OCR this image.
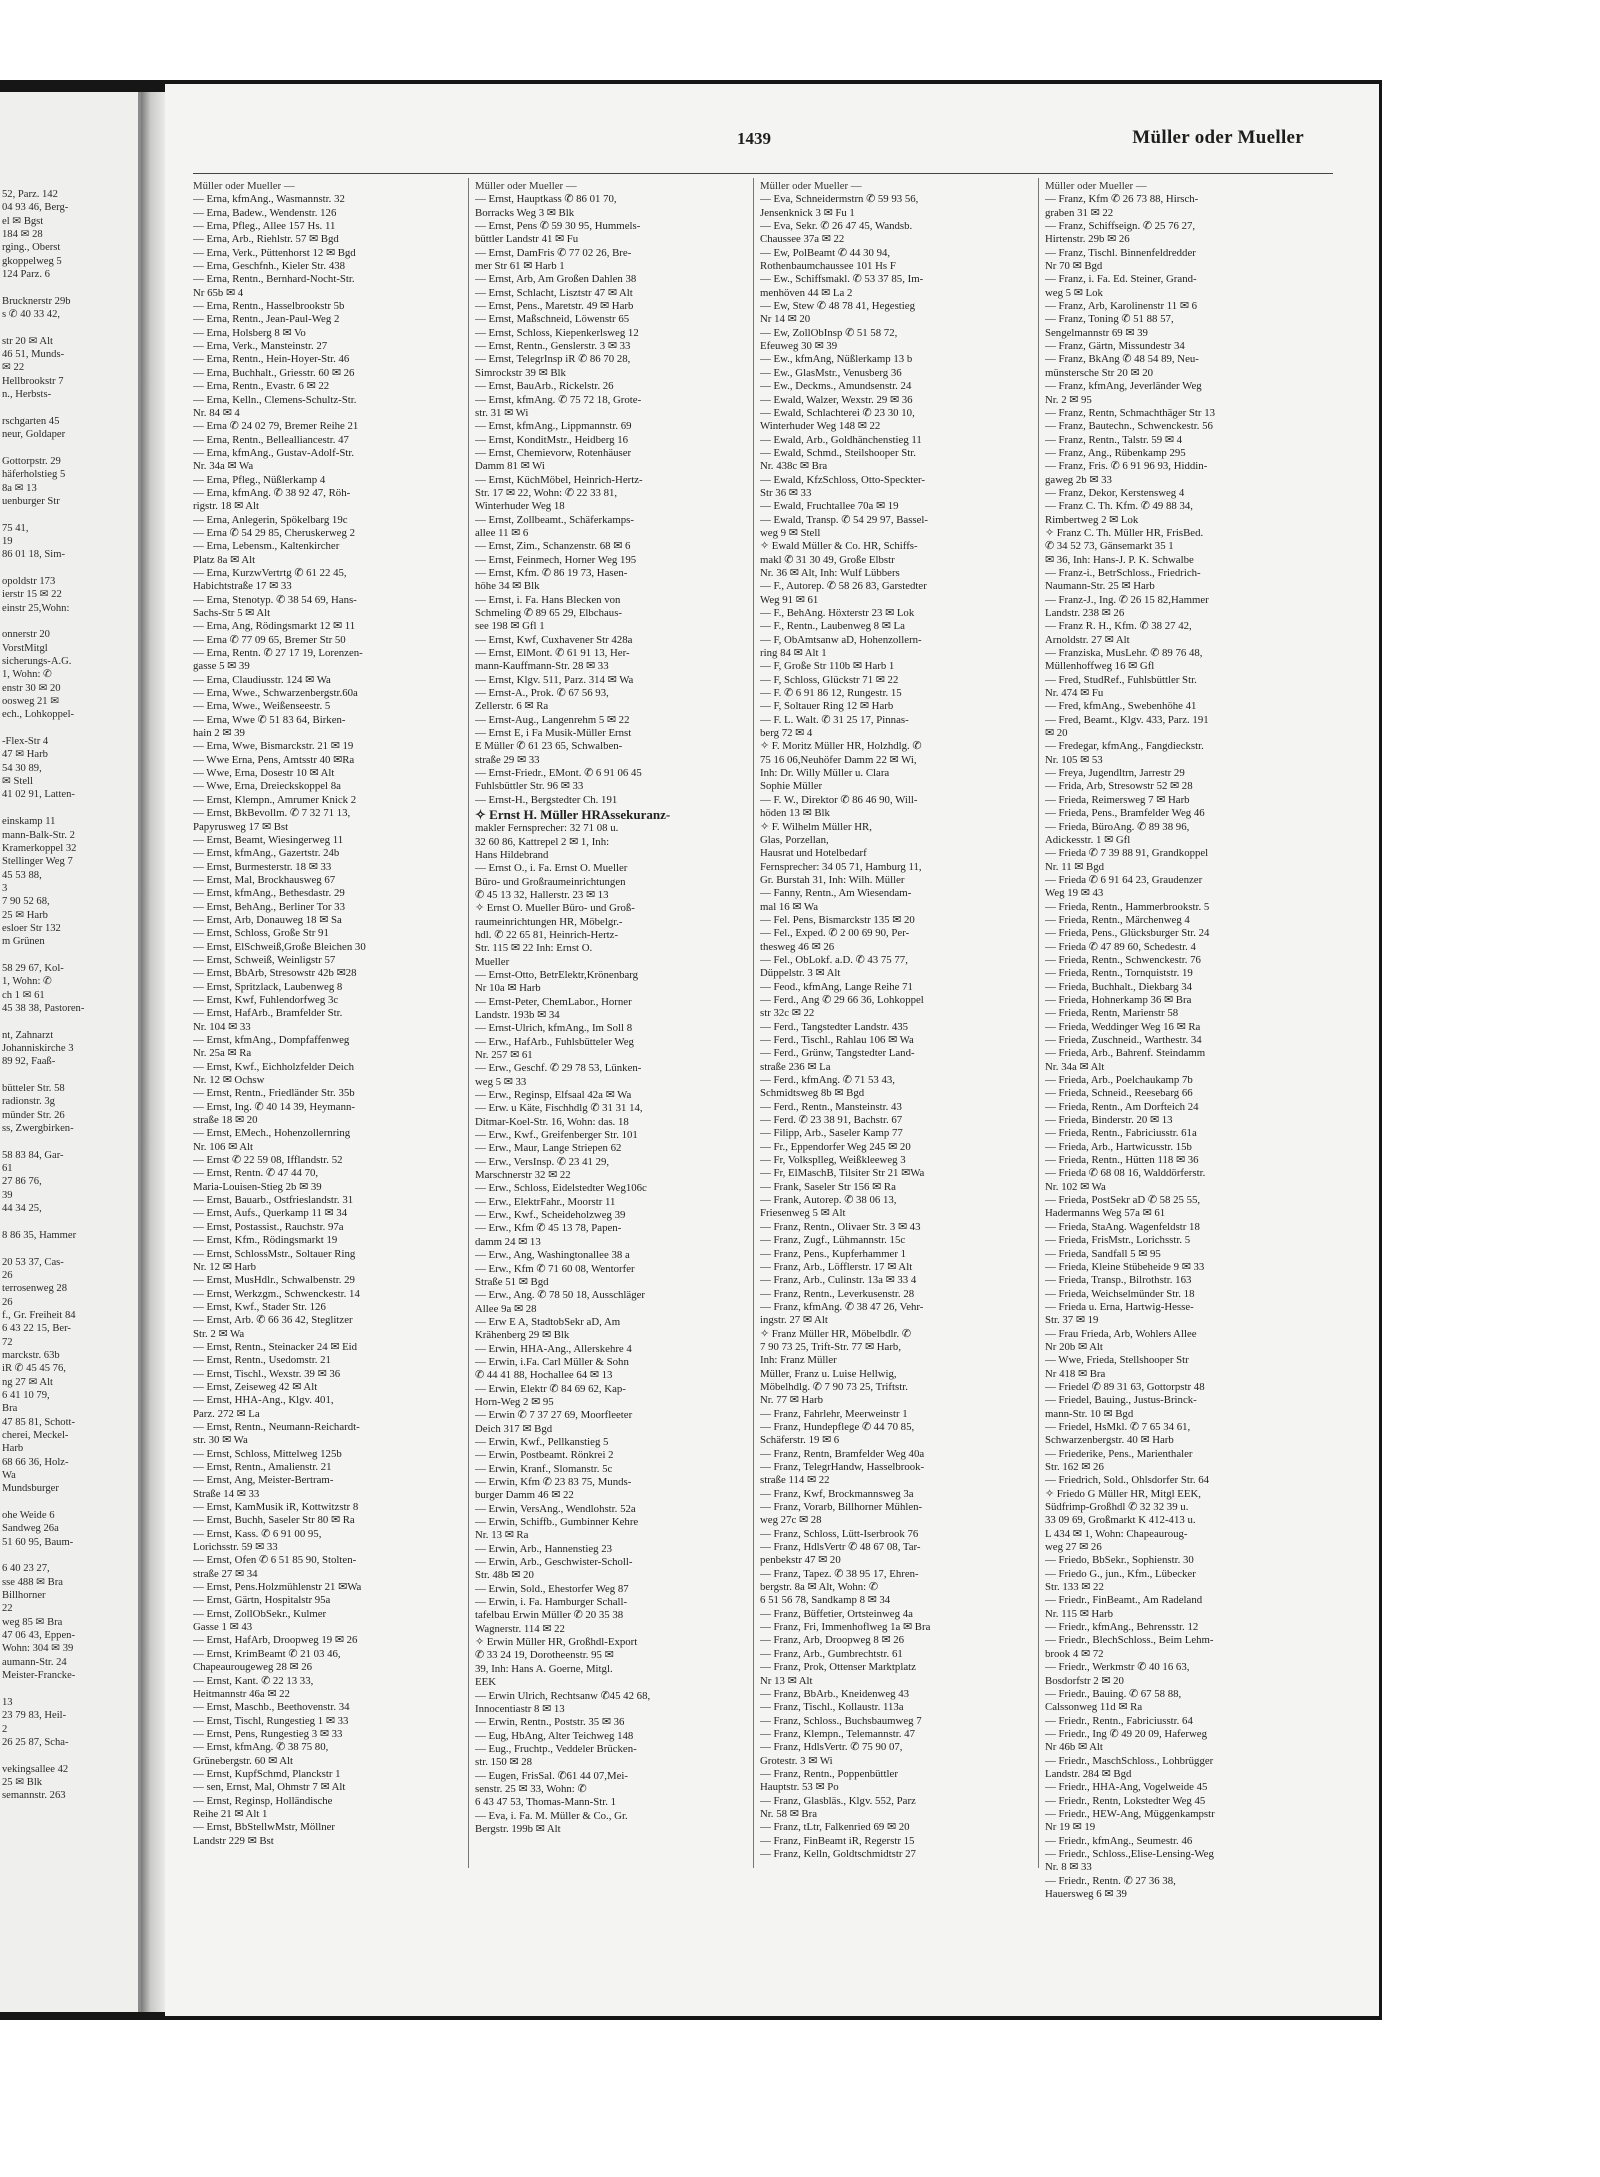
52, Parz. 142
04 93 46, Berg-
el ✉ Bgst
184 ✉ 28
rging., Oberst
gkoppelweg 5
124 Parz. 6

Brucknerstr 29b
s ✆ 40 33 42,

str 20 ✉ Alt
46 51, Munds-
✉ 22
Hellbrookstr 7
n., Herbsts-

rschgarten 45
neur, Goldaper

Gottorpstr. 29
häferholstieg 5
8a ✉ 13
uenburger Str

75 41,
19
86 01 18, Sim-

opoldstr 173
ierstr 15 ✉ 22
einstr 25,Wohn:

onnerstr 20
VorstMitgl
sicherungs-A.G.
1, Wohn: ✆
enstr 30 ✉ 20
oosweg 21 ✉
ech., Lohkoppel-

-Flex-Str 4
47 ✉ Harb
54 30 89,
✉ Stell
41 02 91, Latten-

einskamp 11
mann-Balk-Str. 2
Kramerkoppel 32
Stellinger Weg 7
45 53 88,
3
7 90 52 68,
25 ✉ Harb
esloer Str 132
m Grünen

58 29 67, Kol-
1, Wohn: ✆
ch 1 ✉ 61
45 38 38, Pastoren-

nt, Zahnarzt
Johanniskirche 3
89 92, Faaß-

bütteler Str. 58
radionstr. 3g
münder Str. 26
ss, Zwergbirken-

58 83 84, Gar-
61
27 86 76,
39
44 34 25,

8 86 35, Hammer

20 53 37, Cas-
26
terrosenweg 28
26
f., Gr. Freiheit 84
6 43 22 15, Ber-
72
marckstr. 63b
iR ✆ 45 45 76,
ng 27 ✉ Alt
6 41 10 79,
Bra
47 85 81, Schott-
cherei, Meckel-
Harb
68 66 36, Holz-
Wa
Mundsburger

ohe Weide 6
Sandweg 26a
51 60 95, Baum-

6 40 23 27,
sse 488 ✉ Bra
Billhorner
22
weg 85 ✉ Bra
47 06 43, Eppen-
Wohn: 304 ✉ 39
aumann-Str. 24
Meister-Francke-

13
23 79 83, Heil-
2
26 25 87, Scha-

vekingsallee 42
25 ✉ Blk
semannstr. 263
1439	Müller oder Mueller
Müller oder Mueller —
— Erna, kfmAng., Wasmannstr. 32
— Erna, Badew., Wendenstr. 126
— Erna, Pfleg., Allee 157 Hs. 11
— Erna, Arb., Riehlstr. 57 ✉ Bgd
— Erna, Verk., Püttenhorst 12 ✉ Bgd
— Erna, Geschfnh., Kieler Str. 438
— Erna, Rentn., Bernhard-Nocht-Str.
Nr 65b ✉ 4
— Erna, Rentn., Hasselbrookstr 5b
— Erna, Rentn., Jean-Paul-Weg 2
— Erna, Holsberg 8 ✉ Vo
— Erna, Verk., Mansteinstr. 27
— Erna, Rentn., Hein-Hoyer-Str. 46
— Erna, Buchhalt., Griesstr. 60 ✉ 26
— Erna, Rentn., Evastr. 6 ✉ 22
— Erna, Kelln., Clemens-Schultz-Str.
Nr. 84 ✉ 4
— Erna ✆ 24 02 79, Bremer Reihe 21
— Erna, Rentn., Bellealliancestr. 47
— Erna, kfmAng., Gustav-Adolf-Str.
Nr. 34a ✉ Wa
— Erna, Pfleg., Nüßlerkamp 4
— Erna, kfmAng. ✆ 38 92 47, Röh-
rigstr. 18 ✉ Alt
— Erna, Anlegerin, Spökelbarg 19c
— Erna ✆ 54 29 85, Cheruskerweg 2
— Erna, Lebensm., Kaltenkircher
Platz 8a ✉ Alt
— Erna, KurzwVertrtg ✆ 61 22 45,
Habichtstraße 17 ✉ 33
— Erna, Stenotyp. ✆ 38 54 69, Hans-
Sachs-Str 5 ✉ Alt
— Erna, Ang, Rödingsmarkt 12 ✉ 11
— Erna ✆ 77 09 65, Bremer Str 50
— Erna, Rentn. ✆ 27 17 19, Lorenzen-
gasse 5 ✉ 39
— Erna, Claudiusstr. 124 ✉ Wa
— Erna, Wwe., Schwarzenbergstr.60a
— Erna, Wwe., Weißenseestr. 5
— Erna, Wwe ✆ 51 83 64, Birken-
hain 2 ✉ 39
— Erna, Wwe, Bismarckstr. 21 ✉ 19
— Wwe Erna, Pens, Amtsstr 40 ✉Ra
— Wwe, Erna, Dosestr 10 ✉ Alt
— Wwe, Erna, Dreieckskoppel 8a
— Ernst, Klempn., Amrumer Knick 2
— Ernst, BkBevollm. ✆ 7 32 71 13,
Papyrusweg 17 ✉ Bst
— Ernst, Beamt, Wiesingerweg 11
— Ernst, kfmAng., Gazertstr. 24b
— Ernst, Burmesterstr. 18 ✉ 33
— Ernst, Mal, Brockhausweg 67
— Ernst, kfmAng., Bethesdastr. 29
— Ernst, BehAng., Berliner Tor 33
— Ernst, Arb, Donauweg 18 ✉ Sa
— Ernst, Schloss, Große Str 91
— Ernst, ElSchweiß,Große Bleichen 30
— Ernst, Schweiß, Weinligstr 57
— Ernst, BbArb, Stresowstr 42b ✉28
— Ernst, Spritzlack, Laubenweg 8
— Ernst, Kwf, Fuhlendorfweg 3c
— Ernst, HafArb., Bramfelder Str.
Nr. 104 ✉ 33
— Ernst, kfmAng., Dompfaffenweg
Nr. 25a ✉ Ra
— Ernst, Kwf., Eichholzfelder Deich
Nr. 12 ✉ Ochsw
— Ernst, Rentn., Friedländer Str. 35b
— Ernst, Ing. ✆ 40 14 39, Heymann-
straße 18 ✉ 20
— Ernst, EMech., Hohenzollernring
Nr. 106 ✉ Alt
— Ernst ✆ 22 59 08, Ifflandstr. 52
— Ernst, Rentn. ✆ 47 44 70,
Maria-Louisen-Stieg 2b ✉ 39
— Ernst, Bauarb., Ostfrieslandstr. 31
— Ernst, Aufs., Querkamp 11 ✉ 34
— Ernst, Postassist., Rauchstr. 97a
— Ernst, Kfm., Rödingsmarkt 19
— Ernst, SchlossMstr., Soltauer Ring
Nr. 12 ✉ Harb
— Ernst, MusHdlr., Schwalbenstr. 29
— Ernst, Werkzgm., Schwenckestr. 14
— Ernst, Kwf., Stader Str. 126
— Ernst, Arb. ✆ 66 36 42, Steglitzer
Str. 2 ✉ Wa
— Ernst, Rentn., Steinacker 24 ✉ Eid
— Ernst, Rentn., Usedomstr. 21
— Ernst, Tischl., Wexstr. 39 ✉ 36
— Ernst, Zeiseweg 42 ✉ Alt
— Ernst, HHA-Ang., Klgv. 401,
Parz. 272 ✉ La
— Ernst, Rentn., Neumann-Reichardt-
str. 30 ✉ Wa
— Ernst, Schloss, Mittelweg 125b
— Ernst, Rentn., Amalienstr. 21
— Ernst, Ang, Meister-Bertram-
Straße 14 ✉ 33
— Ernst, KamMusik iR, Kottwitzstr 8
— Ernst, Buchh, Saseler Str 80 ✉ Ra
— Ernst, Kass. ✆ 6 91 00 95,
Lorichsstr. 59 ✉ 33
— Ernst, Ofen ✆ 6 51 85 90, Stolten-
straße 27 ✉ 34
— Ernst, Pens.Holzmühlenstr 21 ✉Wa
— Ernst, Gärtn, Hospitalstr 95a
— Ernst, ZollObSekr., Kulmer
Gasse 1 ✉ 43
— Ernst, HafArb, Droopweg 19 ✉ 26
— Ernst, KrimBeamt ✆ 21 03 46,
Chapeaurougeweg 28 ✉ 26
— Ernst, Kant. ✆ 22 13 33,
Heitmannstr 46a ✉ 22
— Ernst, Maschb., Beethovenstr. 34
— Ernst, Tischl, Rungestieg 1 ✉ 33
— Ernst, Pens, Rungestieg 3 ✉ 33
— Ernst, kfmAng. ✆ 38 75 80,
Grünebergstr. 60 ✉ Alt
— Ernst, KupfSchmd, Planckstr 1
— sen, Ernst, Mal, Ohmstr 7 ✉ Alt
— Ernst, Reginsp, Holländische
Reihe 21 ✉ Alt 1
— Ernst, BbStellwMstr, Möllner
Landstr 229 ✉ Bst
Müller oder Mueller —
— Ernst, Hauptkass ✆ 86 01 70,
Borracks Weg 3 ✉ Blk
— Ernst, Pens ✆ 59 30 95, Hummels-
büttler Landstr 41 ✉ Fu
— Ernst, DamFris ✆ 77 02 26, Bre-
mer Str 61 ✉ Harb 1
— Ernst, Arb, Am Großen Dahlen 38
— Ernst, Schlacht, Lisztstr 47 ✉ Alt
— Ernst, Pens., Maretstr. 49 ✉ Harb
— Ernst, Maßschneid, Löwenstr 65
— Ernst, Schloss, Kiepenkerlsweg 12
— Ernst, Rentn., Genslerstr. 3 ✉ 33
— Ernst, TelegrInsp iR ✆ 86 70 28,
Simrockstr 39 ✉ Blk
— Ernst, BauArb., Rickelstr. 26
— Ernst, kfmAng. ✆ 75 72 18, Grote-
str. 31 ✉ Wi
— Ernst, kfmAng., Lippmannstr. 69
— Ernst, KonditMstr., Heidberg 16
— Ernst, Chemievorw, Rotenhäuser
Damm 81 ✉ Wi
— Ernst, KüchMöbel, Heinrich-Hertz-
Str. 17 ✉ 22, Wohn: ✆ 22 33 81,
Winterhuder Weg 18
— Ernst, Zollbeamt., Schäferkamps-
allee 11 ✉ 6
— Ernst, Zim., Schanzenstr. 68 ✉ 6
— Ernst, Feinmech, Horner Weg 195
— Ernst, Kfm. ✆ 86 19 73, Hasen-
höhe 34 ✉ Blk
— Ernst, i. Fa. Hans Blecken von
Schmeling ✆ 89 65 29, Elbchaus-
see 198 ✉ Gfl 1
— Ernst, Kwf, Cuxhavener Str 428a
— Ernst, ElMont. ✆ 61 91 13, Her-
mann-Kauffmann-Str. 28 ✉ 33
— Ernst, Klgv. 511, Parz. 314 ✉ Wa
— Ernst-A., Prok. ✆ 67 56 93,
Zellerstr. 6 ✉ Ra
— Ernst-Aug., Langenrehm 5 ✉ 22
— Ernst E, i Fa Musik-Müller Ernst
E Müller ✆ 61 23 65, Schwalben-
straße 29 ✉ 33
— Ernst-Friedr., EMont. ✆ 6 91 06 45
Fuhlsbüttler Str. 96 ✉ 33
— Ernst-H., Bergstedter Ch. 191
✧ Ernst H. Müller HRAssekuranz-
makler Fernsprecher: 32 71 08 u.
32 60 86, Kattrepel 2 ✉ 1, Inh:
Hans Hildebrand
— Ernst O., i. Fa. Ernst O. Mueller
Büro- und Großraumeinrichtungen
✆ 45 13 32, Hallerstr. 23 ✉ 13
✧ Ernst O. Mueller Büro- und Groß-
raumeinrichtungen HR, Möbelgr.-
hdl. ✆ 22 65 81, Heinrich-Hertz-
Str. 115 ✉ 22 Inh: Ernst O.
Mueller
— Ernst-Otto, BetrElektr,Krönenbarg
Nr 10a ✉ Harb
— Ernst-Peter, ChemLabor., Horner
Landstr. 193b ✉ 34
— Ernst-Ulrich, kfmAng., Im Soll 8
— Erw., HafArb., Fuhlsbütteler Weg
Nr. 257 ✉ 61
— Erw., Geschf. ✆ 29 78 53, Lünken-
weg 5 ✉ 33
— Erw., Reginsp, Elfsaal 42a ✉ Wa
— Erw. u Käte, Fischhdlg ✆ 31 31 14,
Ditmar-Koel-Str. 16, Wohn: das. 18
— Erw., Kwf., Greifenberger Str. 101
— Erw., Maur, Lange Striepen 62
— Erw., VersInsp. ✆ 23 41 29,
Marschnerstr 32 ✉ 22
— Erw., Schloss, Eidelstedter Weg106c
— Erw., ElektrFahr., Moorstr 11
— Erw., Kwf., Scheideholzweg 39
— Erw., Kfm ✆ 45 13 78, Papen-
damm 24 ✉ 13
— Erw., Ang, Washingtonallee 38 a
— Erw., Kfm ✆ 71 60 08, Wentorfer
Straße 51 ✉ Bgd
— Erw., Ang. ✆ 78 50 18, Ausschläger
Allee 9a ✉ 28
— Erw E A, StadtobSekr aD, Am
Krähenberg 29 ✉ Blk
— Erwin, HHA-Ang., Allerskehre 4
— Erwin, i.Fa. Carl Müller & Sohn
✆ 44 41 88, Hochallee 64 ✉ 13
— Erwin, Elektr ✆ 84 69 62, Kap-
Horn-Weg 2 ✉ 95
— Erwin ✆ 7 37 27 69, Moorfleeter
Deich 317 ✉ Bgd
— Erwin, Kwf., Pellkanstieg 5
— Erwin, Postbeamt. Rönkrei 2
— Erwin, Kranf., Slomanstr. 5c
— Erwin, Kfm ✆ 23 83 75, Munds-
burger Damm 46 ✉ 22
— Erwin, VersAng., Wendlohstr. 52a
— Erwin, Schiffb., Gumbinner Kehre
Nr. 13 ✉ Ra
— Erwin, Arb., Hannenstieg 23
— Erwin, Arb., Geschwister-Scholl-
Str. 48b ✉ 20
— Erwin, Sold., Ehestorfer Weg 87
— Erwin, i. Fa. Hamburger Schall-
tafelbau Erwin Müller ✆ 20 35 38
Wagnerstr. 114 ✉ 22
✧ Erwin Müller HR, Großhdl-Export
✆ 33 24 19, Dorotheenstr. 95 ✉
39, Inh: Hans A. Goerne, Mitgl.
EEK
— Erwin Ulrich, Rechtsanw ✆45 42 68,
Innocentiastr 8 ✉ 13
— Erwin, Rentn., Poststr. 35 ✉ 36
— Eug, HbAng, Alter Teichweg 148
— Eug., Fruchtp., Veddeler Brücken-
str. 150 ✉ 28
— Eugen, FrisSal. ✆61 44 07,Mei-
senstr. 25 ✉ 33, Wohn: ✆
6 43 47 53, Thomas-Mann-Str. 1
— Eva, i. Fa. M. Müller & Co., Gr.
Bergstr. 199b ✉ Alt
Müller oder Mueller —
— Eva, Schneidermstrn ✆ 59 93 56,
Jensenknick 3 ✉ Fu 1
— Eva, Sekr. ✆ 26 47 45, Wandsb.
Chaussee 37a ✉ 22
— Ew, PolBeamt ✆ 44 30 94,
Rothenbaumchaussee 101 Hs F
— Ew., Schiffsmakl. ✆ 53 37 85, Im-
menhöven 44 ✉ La 2
— Ew, Stew ✆ 48 78 41, Hegestieg
Nr 14 ✉ 20
— Ew, ZollObInsp ✆ 51 58 72,
Efeuweg 30 ✉ 39
— Ew., kfmAng, Nüßlerkamp 13 b
— Ew., GlasMstr., Venusberg 36
— Ew., Deckms., Amundsenstr. 24
— Ewald, Walzer, Wexstr. 29 ✉ 36
— Ewald, Schlachterei ✆ 23 30 10,
Winterhuder Weg 148 ✉ 22
— Ewald, Arb., Goldhänchenstieg 11
— Ewald, Schmd., Steilshooper Str.
Nr. 438c ✉ Bra
— Ewald, KfzSchloss, Otto-Speckter-
Str 36 ✉ 33
— Ewald, Fruchtallee 70a ✉ 19
— Ewald, Transp. ✆ 54 29 97, Bassel-
weg 9 ✉ Stell
✧ Ewald Müller & Co. HR, Schiffs-
makl ✆ 31 30 49, Große Elbstr
Nr. 36 ✉ Alt, Inh: Wulf Lübbers
— F., Autorep. ✆ 58 26 83, Garstedter
Weg 91 ✉ 61
— F., BehAng. Höxterstr 23 ✉ Lok
— F., Rentn., Laubenweg 8 ✉ La
— F, ObAmtsanw aD, Hohenzollern-
ring 84 ✉ Alt 1
— F, Große Str 110b ✉ Harb 1
— F, Schloss, Glückstr 71 ✉ 22
— F. ✆ 6 91 86 12, Rungestr. 15
— F, Soltauer Ring 12 ✉ Harb
— F. L. Walt. ✆ 31 25 17, Pinnas-
berg 72 ✉ 4
✧ F. Moritz Müller HR, Holzhdlg. ✆
75 16 06,Neuhöfer Damm 22 ✉ Wi,
Inh: Dr. Willy Müller u. Clara
Sophie Müller
— F. W., Direktor ✆ 86 46 90, Will-
höden 13 ✉ Blk
✧ F. Wilhelm Müller HR,
Glas, Porzellan,
Hausrat und Hotelbedarf
Fernsprecher: 34 05 71, Hamburg 11,
Gr. Burstah 31, Inh: Wilh. Müller
— Fanny, Rentn., Am Wiesendam-
mal 16 ✉ Wa
— Fel. Pens, Bismarckstr 135 ✉ 20
— Fel., Exped. ✆ 2 00 69 90, Per-
thesweg 46 ✉ 26
— Fel., ObLokf. a.D. ✆ 43 75 77,
Düppelstr. 3 ✉ Alt
— Feod., kfmAng, Lange Reihe 71
— Ferd., Ang ✆ 29 66 36, Lohkoppel
str 32c ✉ 22
— Ferd., Tangstedter Landstr. 435
— Ferd., Tischl., Rahlau 106 ✉ Wa
— Ferd., Grünw, Tangstedter Land-
straße 236 ✉ La
— Ferd., kfmAng. ✆ 71 53 43,
Schmidtsweg 8b ✉ Bgd
— Ferd., Rentn., Mansteinstr. 43
— Ferd. ✆ 23 38 91, Bachstr. 67
— Filipp, Arb., Saseler Kamp 77
— Fr., Eppendorfer Weg 245 ✉ 20
— Fr, Volksplleg, Weißkleeweg 3
— Fr, ElMaschB, Tilsiter Str 21 ✉Wa
— Frank, Saseler Str 156 ✉ Ra
— Frank, Autorep. ✆ 38 06 13,
Friesenweg 5 ✉ Alt
— Franz, Rentn., Olivaer Str. 3 ✉ 43
— Franz, Zugf., Lühmannstr. 15c
— Franz, Pens., Kupferhammer 1
— Franz, Arb., Löfflerstr. 17 ✉ Alt
— Franz, Arb., Culinstr. 13a ✉ 33 4
— Franz, Rentn., Leverkusenstr. 28
— Franz, kfmAng. ✆ 38 47 26, Vehr-
ingstr. 27 ✉ Alt
✧ Franz Müller HR, Möbelbdlr. ✆
7 90 73 25, Trift-Str. 77 ✉ Harb,
Inh: Franz Müller
Müller, Franz u. Luise Hellwig,
Möbelhdlg. ✆ 7 90 73 25, Triftstr.
Nr. 77 ✉ Harb
— Franz, Fahrlehr, Meerweinstr 1
— Franz, Hundepflege ✆ 44 70 85,
Schäferstr. 19 ✉ 6
— Franz, Rentn, Bramfelder Weg 40a
— Franz, TelegrHandw, Hasselbrook-
straße 114 ✉ 22
— Franz, Kwf, Brockmannsweg 3a
— Franz, Vorarb, Billhorner Mühlen-
weg 27c ✉ 28
— Franz, Schloss, Lütt-Iserbrook 76
— Franz, HdlsVertr ✆ 48 67 08, Tar-
penbekstr 47 ✉ 20
— Franz, Tapez. ✆ 38 95 17, Ehren-
bergstr. 8a ✉ Alt, Wohn: ✆
6 51 56 78, Sandkamp 8 ✉ 34
— Franz, Büffetier, Ortsteinweg 4a
— Franz, Fri, Immenhoflweg 1a ✉ Bra
— Franz, Arb, Droopweg 8 ✉ 26
— Franz, Arb., Gumbrechtstr. 61
— Franz, Prok, Ottenser Marktplatz
Nr 13 ✉ Alt
— Franz, BbArb., Kneidenweg 43
— Franz, Tischl., Kollaustr. 113a
— Franz, Schloss., Buchsbaumweg 7
— Franz, Klempn., Telemannstr. 47
— Franz, HdlsVertr. ✆ 75 90 07,
Grotestr. 3 ✉ Wi
— Franz, Rentn., Poppenbüttler
Hauptstr. 53 ✉ Po
— Franz, Glasbläs., Klgv. 552, Parz
Nr. 58 ✉ Bra
— Franz, tLtr, Falkenried 69 ✉ 20
— Franz, FinBeamt iR, Regerstr 15
— Franz, Kelln, Goldtschmidtstr 27
Müller oder Mueller —
— Franz, Kfm ✆ 26 73 88, Hirsch-
graben 31 ✉ 22
— Franz, Schiffseign. ✆ 25 76 27,
Hirtenstr. 29b ✉ 26
— Franz, Tischl. Binnenfeldredder
Nr 70 ✉ Bgd
— Franz, i. Fa. Ed. Steiner, Grand-
weg 5 ✉ Lok
— Franz, Arb, Karolinenstr 11 ✉ 6
— Franz, Toning ✆ 51 88 57,
Sengelmannstr 69 ✉ 39
— Franz, Gärtn, Missundestr 34
— Franz, BkAng ✆ 48 54 89, Neu-
münstersche Str 20 ✉ 20
— Franz, kfmAng, Jeverländer Weg
Nr. 2 ✉ 95
— Franz, Rentn, Schmachthäger Str 13
— Franz, Bautechn., Schwenckestr. 56
— Franz, Rentn., Talstr. 59 ✉ 4
— Franz, Ang., Rübenkamp 295
— Franz, Fris. ✆ 6 91 96 93, Hiddin-
gaweg 2b ✉ 33
— Franz, Dekor, Kerstensweg 4
— Franz C. Th. Kfm. ✆ 49 88 34,
Rimbertweg 2 ✉ Lok
✧ Franz C. Th. Müller HR, FrisBed.
✆ 34 52 73, Gänsemarkt 35 1
✉ 36, Inh: Hans-J. P. K. Schwalbe
— Franz-i., BetrSchloss., Friedrich-
Naumann-Str. 25 ✉ Harb
— Franz-J., Ing. ✆ 26 15 82,Hammer
Landstr. 238 ✉ 26
— Franz R. H., Kfm. ✆ 38 27 42,
Arnoldstr. 27 ✉ Alt
— Franziska, MusLehr. ✆ 89 76 48,
Müllenhoffweg 16 ✉ Gfl
— Fred, StudRef., Fuhlsbüttler Str.
Nr. 474 ✉ Fu
— Fred, kfmAng., Swebenhöhe 41
— Fred, Beamt., Klgv. 433, Parz. 191
✉ 20
— Fredegar, kfmAng., Fangdieckstr.
Nr. 105 ✉ 53
— Freya, Jugendltrn, Jarrestr 29
— Frida, Arb, Stresowstr 52 ✉ 28
— Frieda, Reimersweg 7 ✉ Harb
— Frieda, Pens., Bramfelder Weg 46
— Frieda, BüroAng. ✆ 89 38 96,
Adickesstr. 1 ✉ Gfl
— Frieda ✆ 7 39 88 91, Grandkoppel
Nr. 11 ✉ Bgd
— Frieda ✆ 6 91 64 23, Graudenzer
Weg 19 ✉ 43
— Frieda, Rentn., Hammerbrookstr. 5
— Frieda, Rentn., Märchenweg 4
— Frieda, Pens., Glücksburger Str. 24
— Frieda ✆ 47 89 60, Schedestr. 4
— Frieda, Rentn., Schwenckestr. 76
— Frieda, Rentn., Tornquiststr. 19
— Frieda, Buchhalt., Diekbarg 34
— Frieda, Hohnerkamp 36 ✉ Bra
— Frieda, Rentn, Marienstr 58
— Frieda, Weddinger Weg 16 ✉ Ra
— Frieda, Zuschneid., Warthestr. 34
— Frieda, Arb., Bahrenf. Steindamm
Nr. 34a ✉ Alt
— Frieda, Arb., Poelchaukamp 7b
— Frieda, Schneid., Reesebarg 66
— Frieda, Rentn., Am Dorfteich 24
— Frieda, Binderstr. 20 ✉ 13
— Frieda, Rentn., Fabriciusstr. 61a
— Frieda, Arb., Hartwicusstr. 15b
— Frieda, Rentn., Hütten 118 ✉ 36
— Frieda ✆ 68 08 16, Walddörferstr.
Nr. 102 ✉ Wa
— Frieda, PostSekr aD ✆ 58 25 55,
Hadermanns Weg 57a ✉ 61
— Frieda, StaAng. Wagenfeldstr 18
— Frieda, FrisMstr., Lorichsstr. 5
— Frieda, Sandfall 5 ✉ 95
— Frieda, Kleine Stübeheide 9 ✉ 33
— Frieda, Transp., Bilrothstr. 163
— Frieda, Weichselmünder Str. 18
— Frieda u. Erna, Hartwig-Hesse-
Str. 37 ✉ 19
— Frau Frieda, Arb, Wohlers Allee
Nr 20b ✉ Alt
— Wwe, Frieda, Stellshooper Str
Nr 418 ✉ Bra
— Friedel ✆ 89 31 63, Gottorpstr 48
— Friedel, Bauing., Justus-Brinck-
mann-Str. 10 ✉ Bgd
— Friedel, HsMkl. ✆ 7 65 34 61,
Schwarzenbergstr. 40 ✉ Harb
— Friederike, Pens., Marienthaler
Str. 162 ✉ 26
— Friedrich, Sold., Ohlsdorfer Str. 64
✧ Friedo G Müller HR, Mitgl EEK,
Südfrimp-Großhdl ✆ 32 32 39 u.
33 09 69, Großmarkt K 412-413 u.
L 434 ✉ 1, Wohn: Chapeauroug-
weg 27 ✉ 26
— Friedo, BbSekr., Sophienstr. 30
— Friedo G., jun., Kfm., Lübecker
Str. 133 ✉ 22
— Friedr., FinBeamt., Am Radeland
Nr. 115 ✉ Harb
— Friedr., kfmAng., Behrensstr. 12
— Friedr., BlechSchloss., Beim Lehm-
brook 4 ✉ 72
— Friedr., Werkmstr ✆ 40 16 63,
Bosdorfstr 2 ✉ 20
— Friedr., Bauing. ✆ 67 58 88,
Calssonweg 11d ✉ Ra
— Friedr., Rentn., Fabriciusstr. 64
— Friedr., Ing ✆ 49 20 09, Haferweg
Nr 46b ✉ Alt
— Friedr., MaschSchloss., Lohbrügger
Landstr. 284 ✉ Bgd
— Friedr., HHA-Ang, Vogelweide 45
— Friedr., Rentn, Lokstedter Weg 45
— Friedr., HEW-Ang, Müggenkampstr
Nr 19 ✉ 19
— Friedr., kfmAng., Seumestr. 46
— Friedr., Schloss.,Elise-Lensing-Weg
Nr. 8 ✉ 33
— Friedr., Rentn. ✆ 27 36 38,
Hauersweg 6 ✉ 39
